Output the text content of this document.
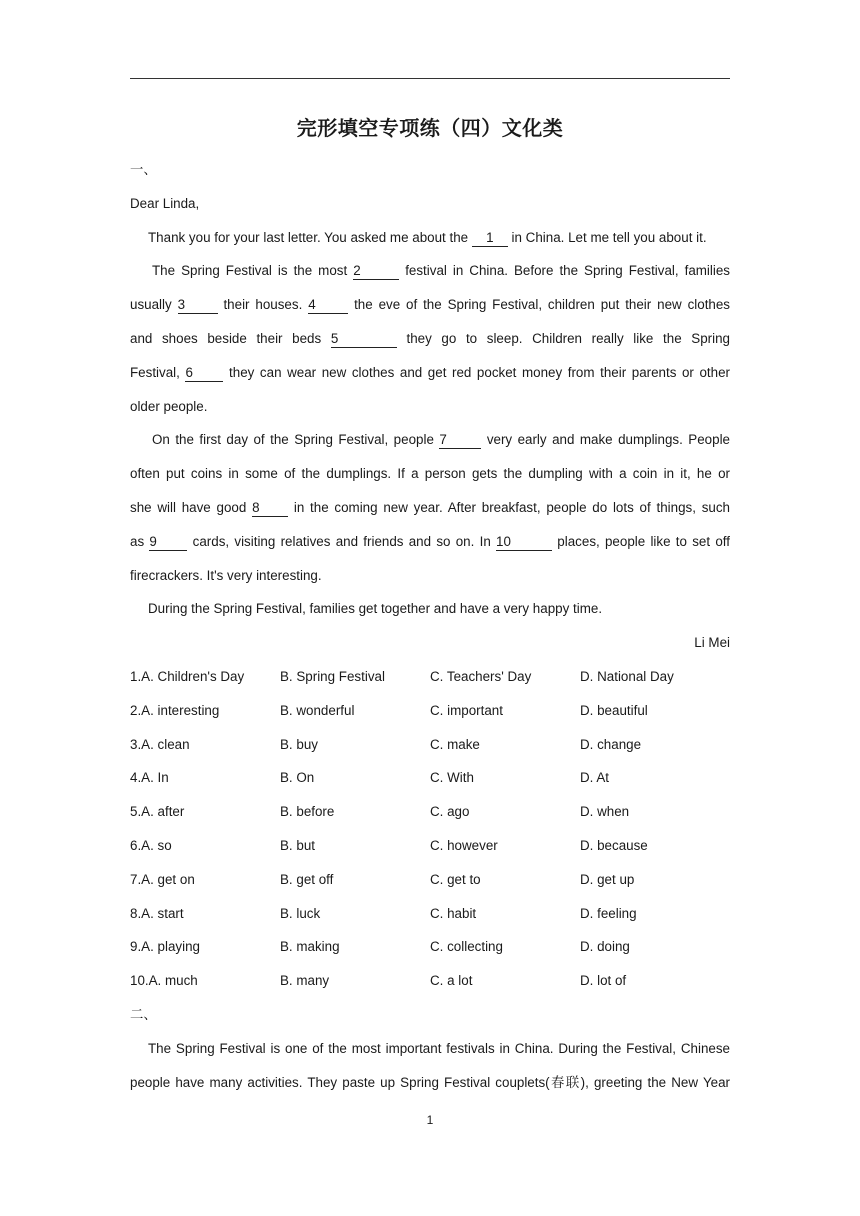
完形填空专项练（四）文化类
一、
Dear Linda,
Thank you for your last letter. You asked me about the 1 in China. Let me tell you about it.
The Spring Festival is the most 2	festival in China. Before the Spring Festival, families
usually 3 their houses. 4 the eve of the Spring Festival, children put their new clothes
and shoes beside their beds 5	they go to sleep. Children really like the Spring
Festival, 6 they can wear new clothes and get red pocket money from their parents or other
older people.
On the first day of the Spring Festival, people 7	very early and make dumplings. People
often put coins in some of the dumplings. If a person gets the dumpling with a coin in it, he or
she will have good 8 in the coming new year. After breakfast, people do lots of things, such
as 9 cards, visiting relatives and friends and so on. In 10	places, people like to set off
firecrackers. It's very interesting.
During the Spring Festival, families get together and have a very happy time.
Li Mei
1.A. Children's Day	B. Spring Festival	C. Teachers' Day	D. National Day
2.A. interesting	B. wonderful	C. important	D. beautiful
3.A. clean	B. buy	C. make	D. change
4.A. In	B. On	C. With	D. At
5.A. after	B. before	C. ago	D. when
6.A. so	B. but	C. however	D. because
7.A. get on	B. get off	C. get to	D. get up
8.A. start	B. luck	C. habit	D. feeling
9.A. playing	B. making	C. collecting	D. doing
10.A. much	B. many	C. a lot	D. lot of
二、
The Spring Festival is one of the most important festivals in China. During the Festival, Chinese
people have many activities. They paste up Spring Festival couplets(春联), greeting the New Year
1
